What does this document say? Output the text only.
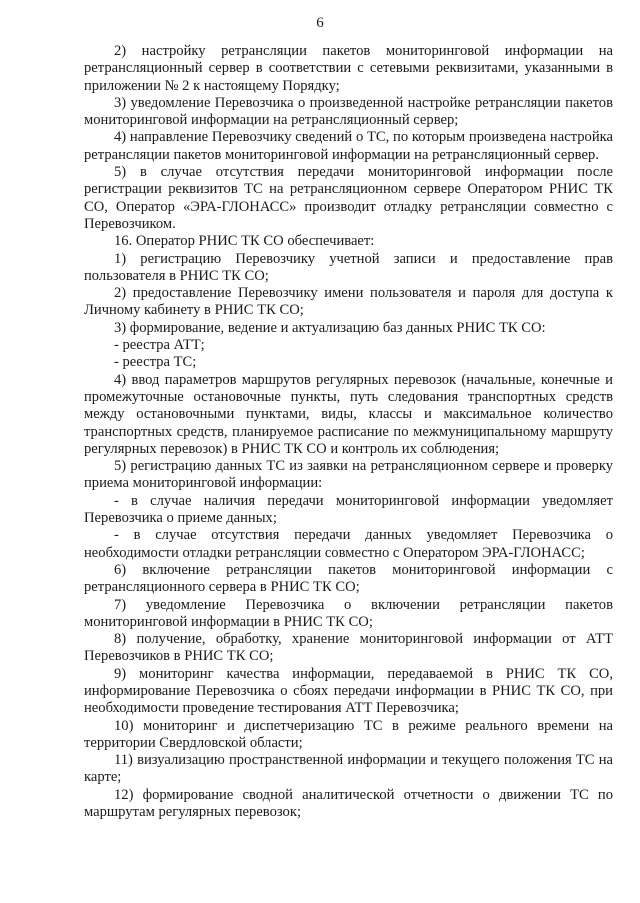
6

2) настройку ретрансляции пакетов мониторинговой информации на ретрансляционный сервер в соответствии с сетевыми реквизитами, указанными в приложении № 2 к настоящему Порядку;

3) уведомление Перевозчика о произведенной настройке ретрансляции пакетов мониторинговой информации на ретрансляционный сервер;

4) направление Перевозчику сведений о ТС, по которым произведена настройка ретрансляции пакетов мониторинговой информации на ретрансляционный сервер.

5) в случае отсутствия передачи мониторинговой информации после регистрации реквизитов ТС на ретрансляционном сервере Оператором РНИС ТК СО, Оператор «ЭРА-ГЛОНАСС» производит отладку ретрансляции совместно с Перевозчиком.

16. Оператор РНИС ТК СО обеспечивает:

1) регистрацию Перевозчику учетной записи и предоставление прав пользователя в РНИС ТК СО;

2) предоставление Перевозчику имени пользователя и пароля для доступа к Личному кабинету в РНИС ТК СО;

3) формирование, ведение и актуализацию баз данных РНИС ТК СО:

- реестра АТТ;

- реестра ТС;

4) ввод параметров маршрутов регулярных перевозок (начальные, конечные и промежуточные остановочные пункты, путь следования транспортных средств между остановочными пунктами, виды, классы и максимальное количество транспортных средств, планируемое расписание по межмуниципальному маршруту регулярных перевозок) в РНИС ТК СО и контроль их соблюдения;

5) регистрацию данных ТС из заявки на ретрансляционном сервере и проверку приема мониторинговой информации:

- в случае наличия передачи мониторинговой информации уведомляет Перевозчика о приеме данных;

- в случае отсутствия передачи данных уведомляет Перевозчика о необходимости отладки ретрансляции совместно с Оператором ЭРА-ГЛОНАСС;

6) включение ретрансляции пакетов мониторинговой информации с ретрансляционного сервера в РНИС ТК СО;

7) уведомление Перевозчика о включении ретрансляции пакетов мониторинговой информации в РНИС ТК СО;

8) получение, обработку, хранение мониторинговой информации от АТТ Перевозчиков в РНИС ТК СО;

9) мониторинг качества информации, передаваемой в РНИС ТК СО, информирование Перевозчика о сбоях передачи информации в РНИС ТК СО, при необходимости проведение тестирования АТТ Перевозчика;

10) мониторинг и диспетчеризацию ТС в режиме реального времени на территории Свердловской области;

11) визуализацию пространственной информации и текущего положения ТС на карте;

12) формирование сводной аналитической отчетности о движении ТС по маршрутам регулярных перевозок;
